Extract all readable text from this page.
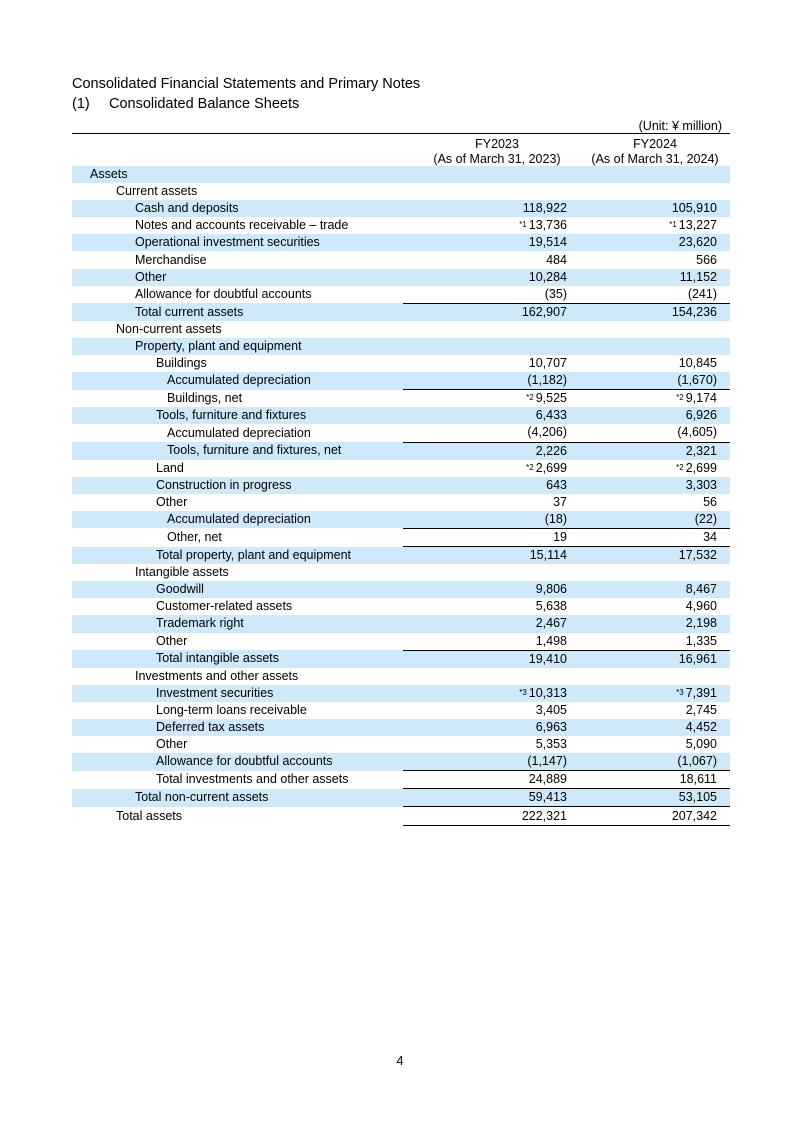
Consolidated Financial Statements and Primary Notes
(1) Consolidated Balance Sheets
(Unit: ¥ million)
FY2023
(As of March 31, 2023)
FY2024
(As of March 31, 2024)
Assets			
Current assets			
Cash and deposits		118,922	105,910
Notes and accounts receivable – trade		$^{*1}$ 13,736	$^{*1}$ 13,227
Operational investment securities		19,514	23,620
Merchandise		484	566
Other		10,284	11,152
Allowance for doubtful accounts		(35)	(241)
Total current assets		162,907	154,236
Non-current assets			
Property, plant and equipment			
Buildings		10,707	10,845
Accumulated depreciation		(1,182)	(1,670)
Buildings, net		$^{*2}$ 9,525	$^{*2}$ 9,174
Tools, furniture and fixtures		6,433	6,926
Accumulated depreciation		(4,206)	(4,605)
Tools, furniture and fixtures, net		2,226	2,321
Land		$^{*2}$ 2,699	$^{*2}$ 2,699
Construction in progress		643	3,303
Other		37	56
Accumulated depreciation		(18)	(22)
Other, net		19	34
Total property, plant and equipment		15,114	17,532
Intangible assets			
Goodwill		9,806	8,467
Customer-related assets		5,638	4,960
Trademark right		2,467	2,198
Other		1,498	1,335
Total intangible assets		19,410	16,961
Investments and other assets			
Investment securities		$^{*3}$ 10,313	$^{*3}$ 7,391
Long-term loans receivable		3,405	2,745
Deferred tax assets		6,963	4,452
Other		5,353	5,090
Allowance for doubtful accounts		(1,147)	(1,067)
Total investments and other assets		24,889	18,611
Total non-current assets		59,413	53,105
Total assets		222,321	207,342
4
